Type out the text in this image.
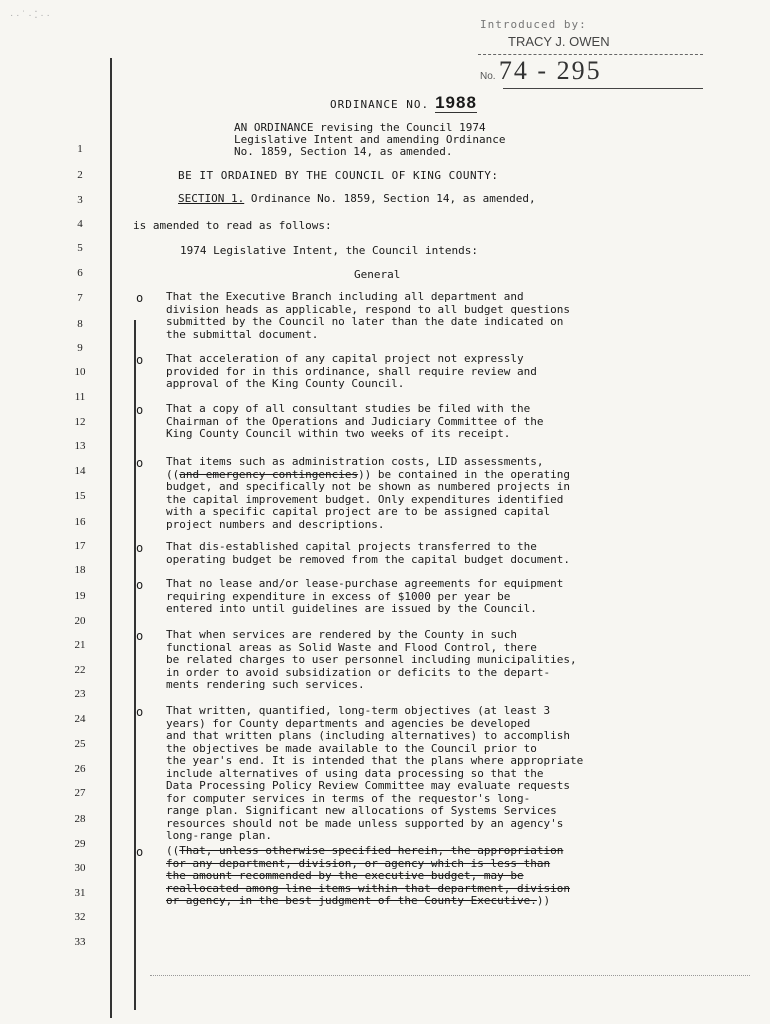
· · ˙ · ⁚ · ·
Introduced by:
TRACY J. OWEN
No. 74 - 295
1
2
3
4
5
6
7
8
9
10
11
12
13
14
15
16
17
18
19
20
21
22
23
24
25
26
27
28
29
30
31
32
33
ORDINANCE NO. 1988
AN ORDINANCE revising the Council 1974
Legislative Intent and amending Ordinance
No. 1859, Section 14, as amended.
BE IT ORDAINED BY THE COUNCIL OF KING COUNTY:
SECTION 1. Ordinance No. 1859, Section 14, as amended,
is amended to read as follows:
1974 Legislative Intent, the Council intends:
General
o That the Executive Branch including all department and
division heads as applicable, respond to all budget questions
submitted by the Council no later than the date indicated on
the submittal document.
o That acceleration of any capital project not expressly
provided for in this ordinance, shall require review and
approval of the King County Council.
o That a copy of all consultant studies be filed with the
Chairman of the Operations and Judiciary Committee of the
King County Council within two weeks of its receipt.
o That items such as administration costs, LID assessments,
((and emergency contingencies)) be contained in the operating
budget, and specifically not be shown as numbered projects in
the capital improvement budget. Only expenditures identified
with a specific capital project are to be assigned capital
project numbers and descriptions.
o That dis-established capital projects transferred to the
operating budget be removed from the capital budget document.
o That no lease and/or lease-purchase agreements for equipment
requiring expenditure in excess of $1000 per year be
entered into until guidelines are issued by the Council.
o That when services are rendered by the County in such
functional areas as Solid Waste and Flood Control, there
be related charges to user personnel including municipalities,
in order to avoid subsidization or deficits to the depart-
ments rendering such services.
o That written, quantified, long-term objectives (at least 3
years) for County departments and agencies be developed
and that written plans (including alternatives) to accomplish
the objectives be made available to the Council prior to
the year's end. It is intended that the plans where appropriate
include alternatives of using data processing so that the
Data Processing Policy Review Committee may evaluate requests
for computer services in terms of the requestor's long-
range plan. Significant new allocations of Systems Services
resources should not be made unless supported by an agency's
long-range plan.
o ((That, unless otherwise specified herein, the appropriation
for any department, division, or agency which is less than
the amount recommended by the executive budget, may be
reallocated among line items within that department, division
or agency, in the best judgment of the County Executive.))
